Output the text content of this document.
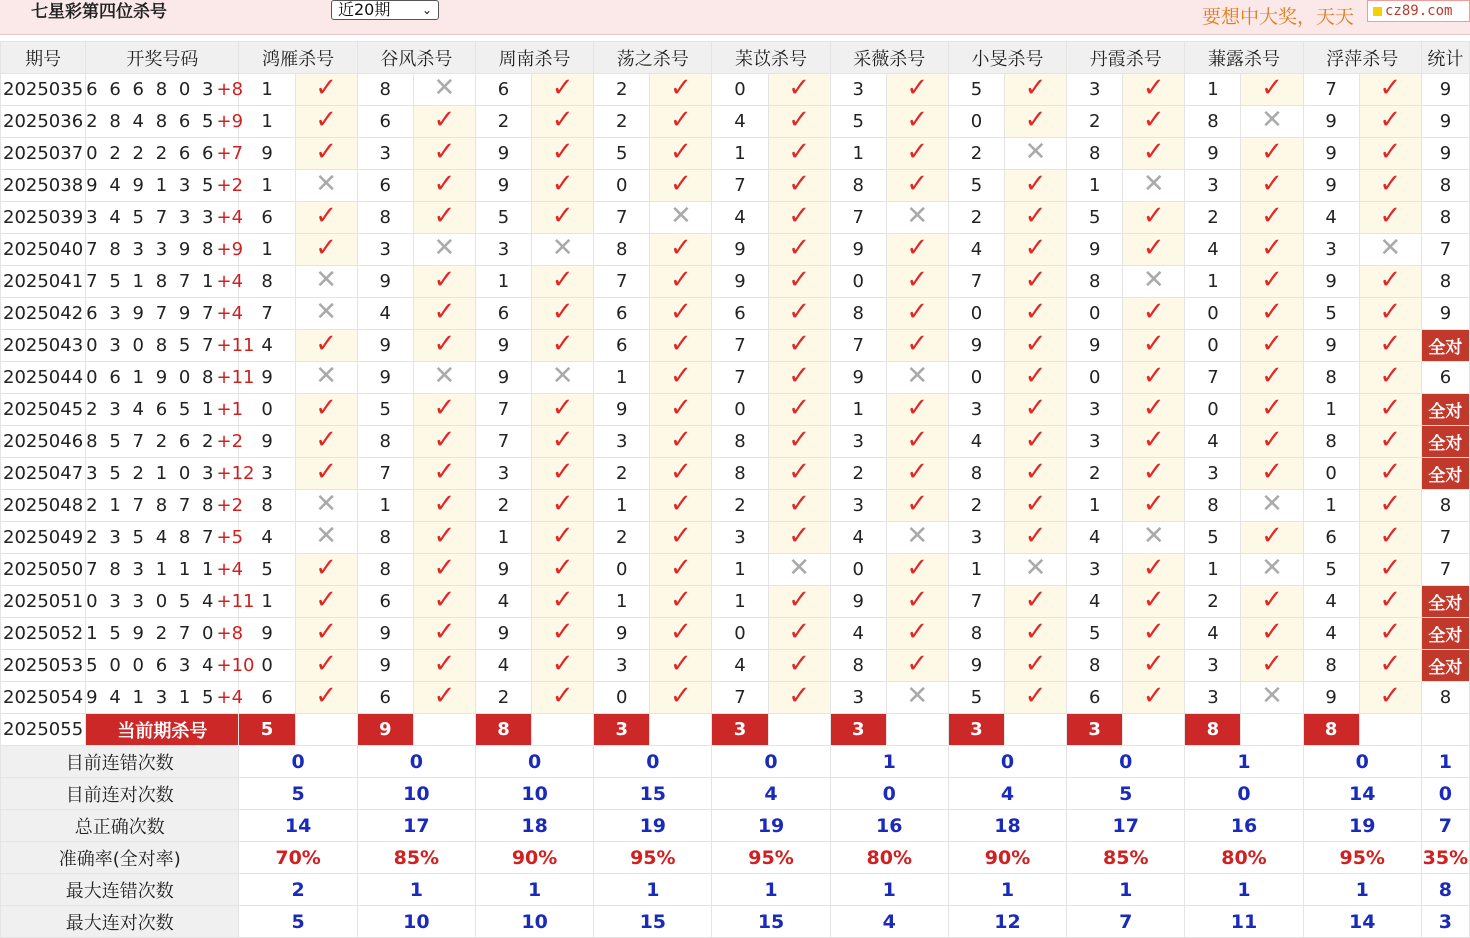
七星彩第四位杀号	近20期	⌄	要想中大奖，天天	cz89.com
期号	开奖号码	鸿雁杀号		谷风杀号		周南杀号		荡之杀号		苿苡杀号		采薇杀号		小旻杀号		丹霞杀号		蒹露杀号		浮萍杀号		统计
2025035	6 6 6 8 0 3+8	1	✓	8	✕	6	✓	2	✓	0	✓	3	✓	5	✓	3	✓	1	✓	7	✓	9
2025036	2 8 4 8 6 5+9	1	✓	6	✓	2	✓	2	✓	4	✓	5	✓	0	✓	2	✓	8	✕	9	✓	9
2025037	0 2 2 2 6 6+7	9	✓	3	✓	9	✓	5	✓	1	✓	1	✓	2	✕	8	✓	9	✓	9	✓	9
2025038	9 4 9 1 3 5+2	1	✕	6	✓	9	✓	0	✓	7	✓	8	✓	5	✓	1	✕	3	✓	9	✓	8
2025039	3 4 5 7 3 3+4	6	✓	8	✓	5	✓	7	✕	4	✓	7	✕	2	✓	5	✓	2	✓	4	✓	8
2025040	7 8 3 3 9 8+9	1	✓	3	✕	3	✕	8	✓	9	✓	9	✓	4	✓	9	✓	4	✓	3	✕	7
2025041	7 5 1 8 7 1+4	8	✕	9	✓	1	✓	7	✓	9	✓	0	✓	7	✓	8	✕	1	✓	9	✓	8
2025042	6 3 9 7 9 7+4	7	✕	4	✓	6	✓	6	✓	6	✓	8	✓	0	✓	0	✓	0	✓	5	✓	9
2025043	0 3 0 8 5 7+11	4	✓	9	✓	9	✓	6	✓	7	✓	7	✓	9	✓	9	✓	0	✓	9	✓	全对
2025044	0 6 1 9 0 8+11	9	✕	9	✕	9	✕	1	✓	7	✓	9	✕	0	✓	0	✓	7	✓	8	✓	6
2025045	2 3 4 6 5 1+1	0	✓	5	✓	7	✓	9	✓	0	✓	1	✓	3	✓	3	✓	0	✓	1	✓	全对
2025046	8 5 7 2 6 2+2	9	✓	8	✓	7	✓	3	✓	8	✓	3	✓	4	✓	3	✓	4	✓	8	✓	全对
2025047	3 5 2 1 0 3+12	3	✓	7	✓	3	✓	2	✓	8	✓	2	✓	8	✓	2	✓	3	✓	0	✓	全对
2025048	2 1 7 8 7 8+2	8	✕	1	✓	2	✓	1	✓	2	✓	3	✓	2	✓	1	✓	8	✕	1	✓	8
2025049	2 3 5 4 8 7+5	4	✕	8	✓	1	✓	2	✓	3	✓	4	✕	3	✓	4	✕	5	✓	6	✓	7
2025050	7 8 3 1 1 1+4	5	✓	8	✓	9	✓	0	✓	1	✕	0	✓	1	✕	3	✓	1	✕	5	✓	7
2025051	0 3 3 0 5 4+11	1	✓	6	✓	4	✓	1	✓	1	✓	9	✓	7	✓	4	✓	2	✓	4	✓	全对
2025052	1 5 9 2 7 0+8	9	✓	9	✓	9	✓	9	✓	0	✓	4	✓	8	✓	5	✓	4	✓	4	✓	全对
2025053	5 0 0 6 3 4+10	0	✓	9	✓	4	✓	3	✓	4	✓	8	✓	9	✓	8	✓	3	✓	8	✓	全对
2025054	9 4 1 3 1 5+4	6	✓	6	✓	2	✓	0	✓	7	✓	3	✕	5	✓	6	✓	3	✕	9	✓	8
2025055	当前期杀号	5		9		8		3		3		3		3		3		8		8		
目前连错次数		0		0		0		0		0		1		0		0		1		0		1
目前连对次数		5		10		10		15		4		0		4		5		0		14		0
总正确次数		14		17		18		19		19		16		18		17		16		19		7
准确率(全对率)		70%		85%		90%		95%		95%		80%		90%		85%		80%		95%		35%
最大连错次数		2		1		1		1		1		1		1		1		1		1		8
最大连对次数		5		10		10		15		15		4		12		7		11		14		3
